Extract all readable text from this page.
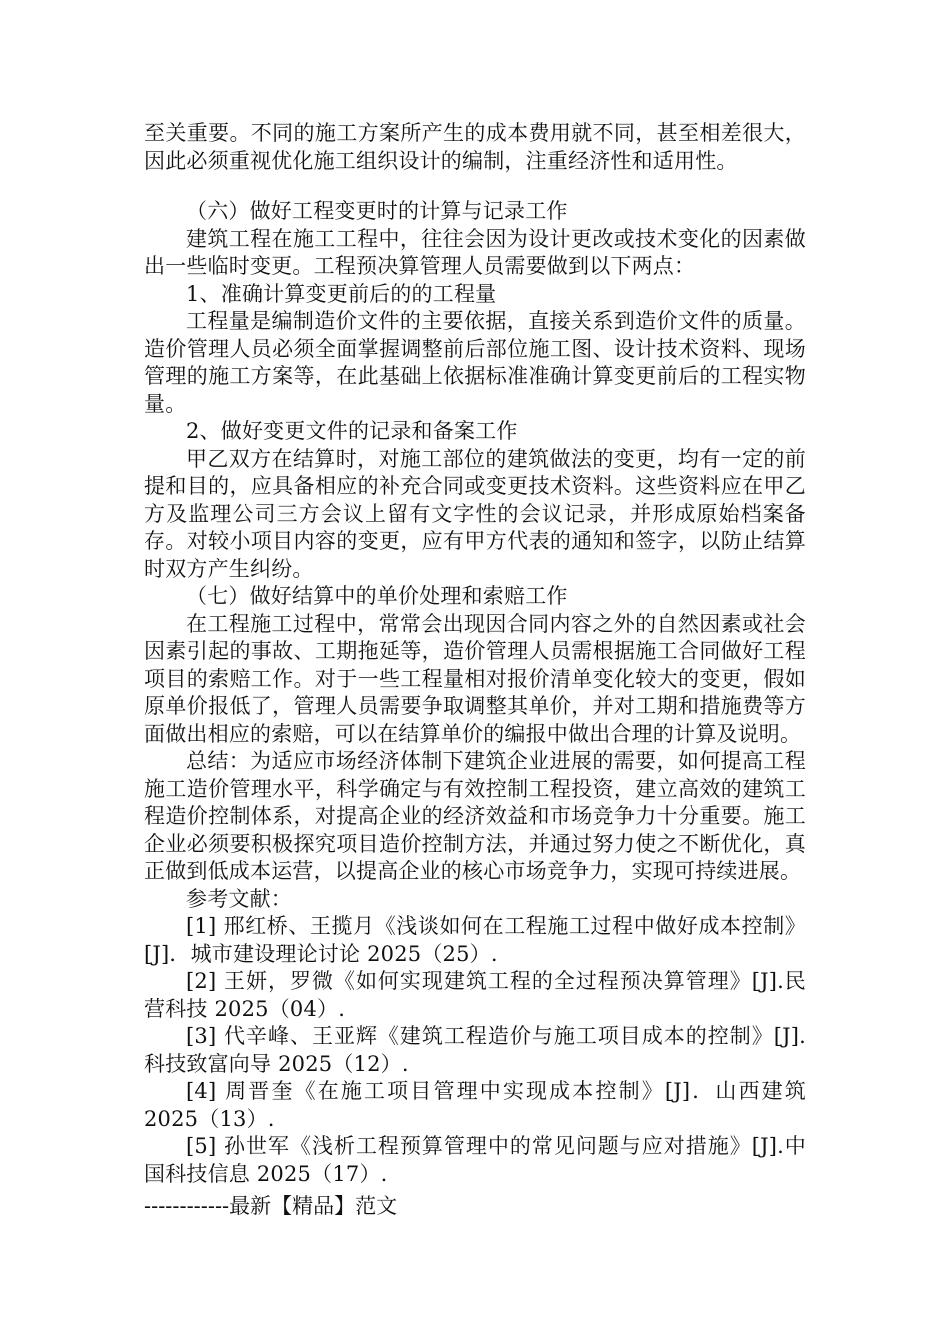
至关重要。不同的施工方案所产生的成本费用就不同，甚至相差很大，因此必须重视优化施工组织设计的编制，注重经济性和适用性。

（六）做好工程变更时的计算与记录工作

建筑工程在施工工程中，往往会因为设计更改或技术变化的因素做出一些临时变更。工程预决算管理人员需要做到以下两点：

1、准确计算变更前后的的工程量

工程量是编制造价文件的主要依据，直接关系到造价文件的质量。造价管理人员必须全面掌握调整前后部位施工图、设计技术资料、现场管理的施工方案等，在此基础上依据标准准确计算变更前后的工程实物量。

2、做好变更文件的记录和备案工作

甲乙双方在结算时，对施工部位的建筑做法的变更，均有一定的前提和目的，应具备相应的补充合同或变更技术资料。这些资料应在甲乙方及监理公司三方会议上留有文字性的会议记录，并形成原始档案备存。对较小项目内容的变更，应有甲方代表的通知和签字，以防止结算时双方产生纠纷。

（七）做好结算中的单价处理和索赔工作

在工程施工过程中，常常会出现因合同内容之外的自然因素或社会因素引起的事故、工期拖延等，造价管理人员需根据施工合同做好工程项目的索赔工作。对于一些工程量相对报价清单变化较大的变更，假如原单价报低了，管理人员需要争取调整其单价，并对工期和措施费等方面做出相应的索赔，可以在结算单价的编报中做出合理的计算及说明。

总结：为适应市场经济体制下建筑企业进展的需要，如何提高工程施工造价管理水平，科学确定与有效控制工程投资，建立高效的建筑工程造价控制体系，对提高企业的经济效益和市场竞争力十分重要。施工企业必须要积极探究项目造价控制方法，并通过努力使之不断优化，真正做到低成本运营，以提高企业的核心市场竞争力，实现可持续进展。

参考文献：

[1] 邢红桥、王揽月《浅谈如何在工程施工过程中做好成本控制》[J]．城市建设理论讨论 2025（25）.

[2] 王妍，罗微《如何实现建筑工程的全过程预决算管理》[J].民营科技 2025（04）.

[3] 代辛峰、王亚辉《建筑工程造价与施工项目成本的控制》[J].科技致富向导 2025（12）.

[4] 周晋奎《在施工项目管理中实现成本控制》[J]．山西建筑 2025（13）.

[5] 孙世军《浅析工程预算管理中的常见问题与应对措施》[J].中国科技信息 2025（17）.

------------最新【精品】范文
